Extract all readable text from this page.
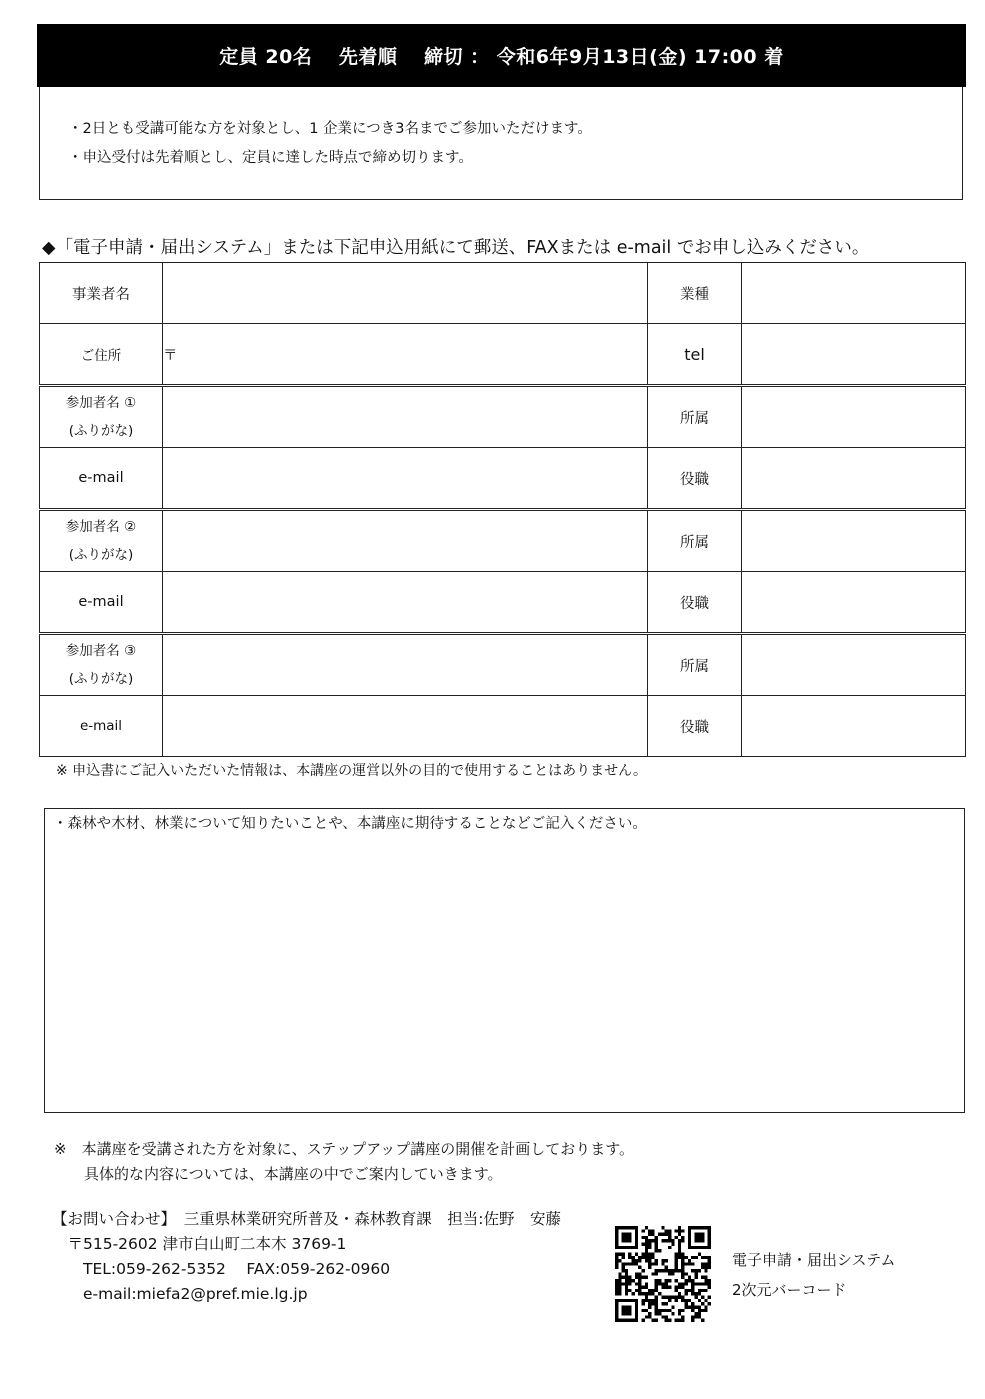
定員 20名　 先着順　 締切 ： 令和6年9月13日(金) 17:00 着
・2日とも受講可能な方を対象とし、1 企業につき3名までご参加いただけます。
・申込受付は先着順とし、定員に達した時点で締め切ります。
◆「電子申請・届出システム」または下記申込用紙にて郵送、FAXまたは e-mail でお申し込みください。
事業者名		業種	
ご住所	〒	tel	

参加者名 ①
(ふりがな)		所属	
e-mail		役職	

参加者名 ②
(ふりがな)		所属	
e-mail		役職	

参加者名 ③
(ふりがな)		所属	
e-mail		役職	
※ 申込書にご記入いただいた情報は、本講座の運営以外の目的で使用することはありません。
・森林や木材、林業について知りたいことや、本講座に期待することなどご記入ください。
※　本講座を受講された方を対象に、ステップアップ講座の開催を計画しております。
　　具体的な内容については、本講座の中でご案内していきます。
【お問い合わせ】　三重県林業研究所普及・森林教育課　担当:佐野　安藤
　〒515-2602 津市白山町二本木 3769-1
　　TEL:059-262-5352　 FAX:059-262-0960
　　e-mail:miefa2@pref.mie.lg.jp
電子申請・届出システム
2次元バーコード
